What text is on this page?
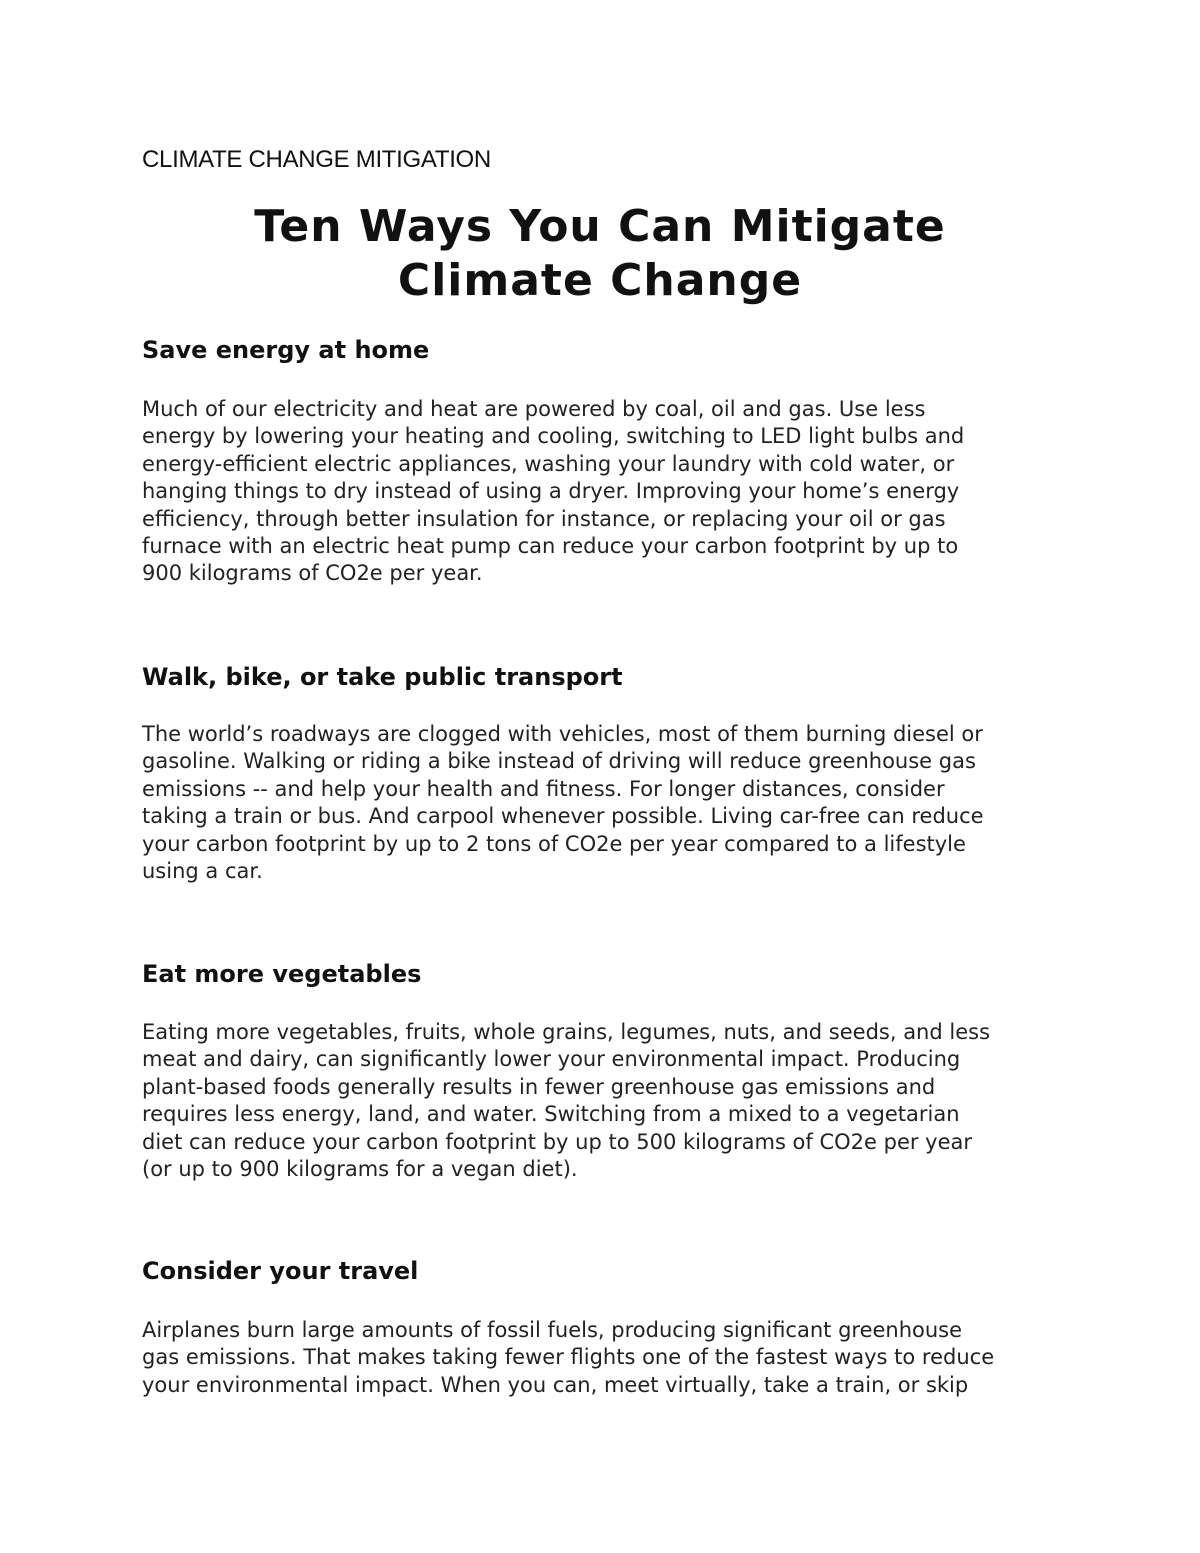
CLIMATE CHANGE MITIGATION

Ten Ways You Can Mitigate
Climate Change
Save energy at home
Much of our electricity and heat are powered by coal, oil and gas. Use less
energy by lowering your heating and cooling, switching to LED light bulbs and
energy-efficient electric appliances, washing your laundry with cold water, or
hanging things to dry instead of using a dryer. Improving your home’s energy
efficiency, through better insulation for instance, or replacing your oil or gas
furnace with an electric heat pump can reduce your carbon footprint by up to
900 kilograms of CO2e per year.
Walk, bike, or take public transport
The world’s roadways are clogged with vehicles, most of them burning diesel or
gasoline. Walking or riding a bike instead of driving will reduce greenhouse gas
emissions -- and help your health and fitness. For longer distances, consider
taking a train or bus. And carpool whenever possible. Living car-free can reduce
your carbon footprint by up to 2 tons of CO2e per year compared to a lifestyle
using a car.
Eat more vegetables
Eating more vegetables, fruits, whole grains, legumes, nuts, and seeds, and less
meat and dairy, can significantly lower your environmental impact. Producing
plant-based foods generally results in fewer greenhouse gas emissions and
requires less energy, land, and water. Switching from a mixed to a vegetarian
diet can reduce your carbon footprint by up to 500 kilograms of CO2e per year
(or up to 900 kilograms for a vegan diet).
Consider your travel
Airplanes burn large amounts of fossil fuels, producing significant greenhouse
gas emissions. That makes taking fewer flights one of the fastest ways to reduce
your environmental impact. When you can, meet virtually, take a train, or skip
